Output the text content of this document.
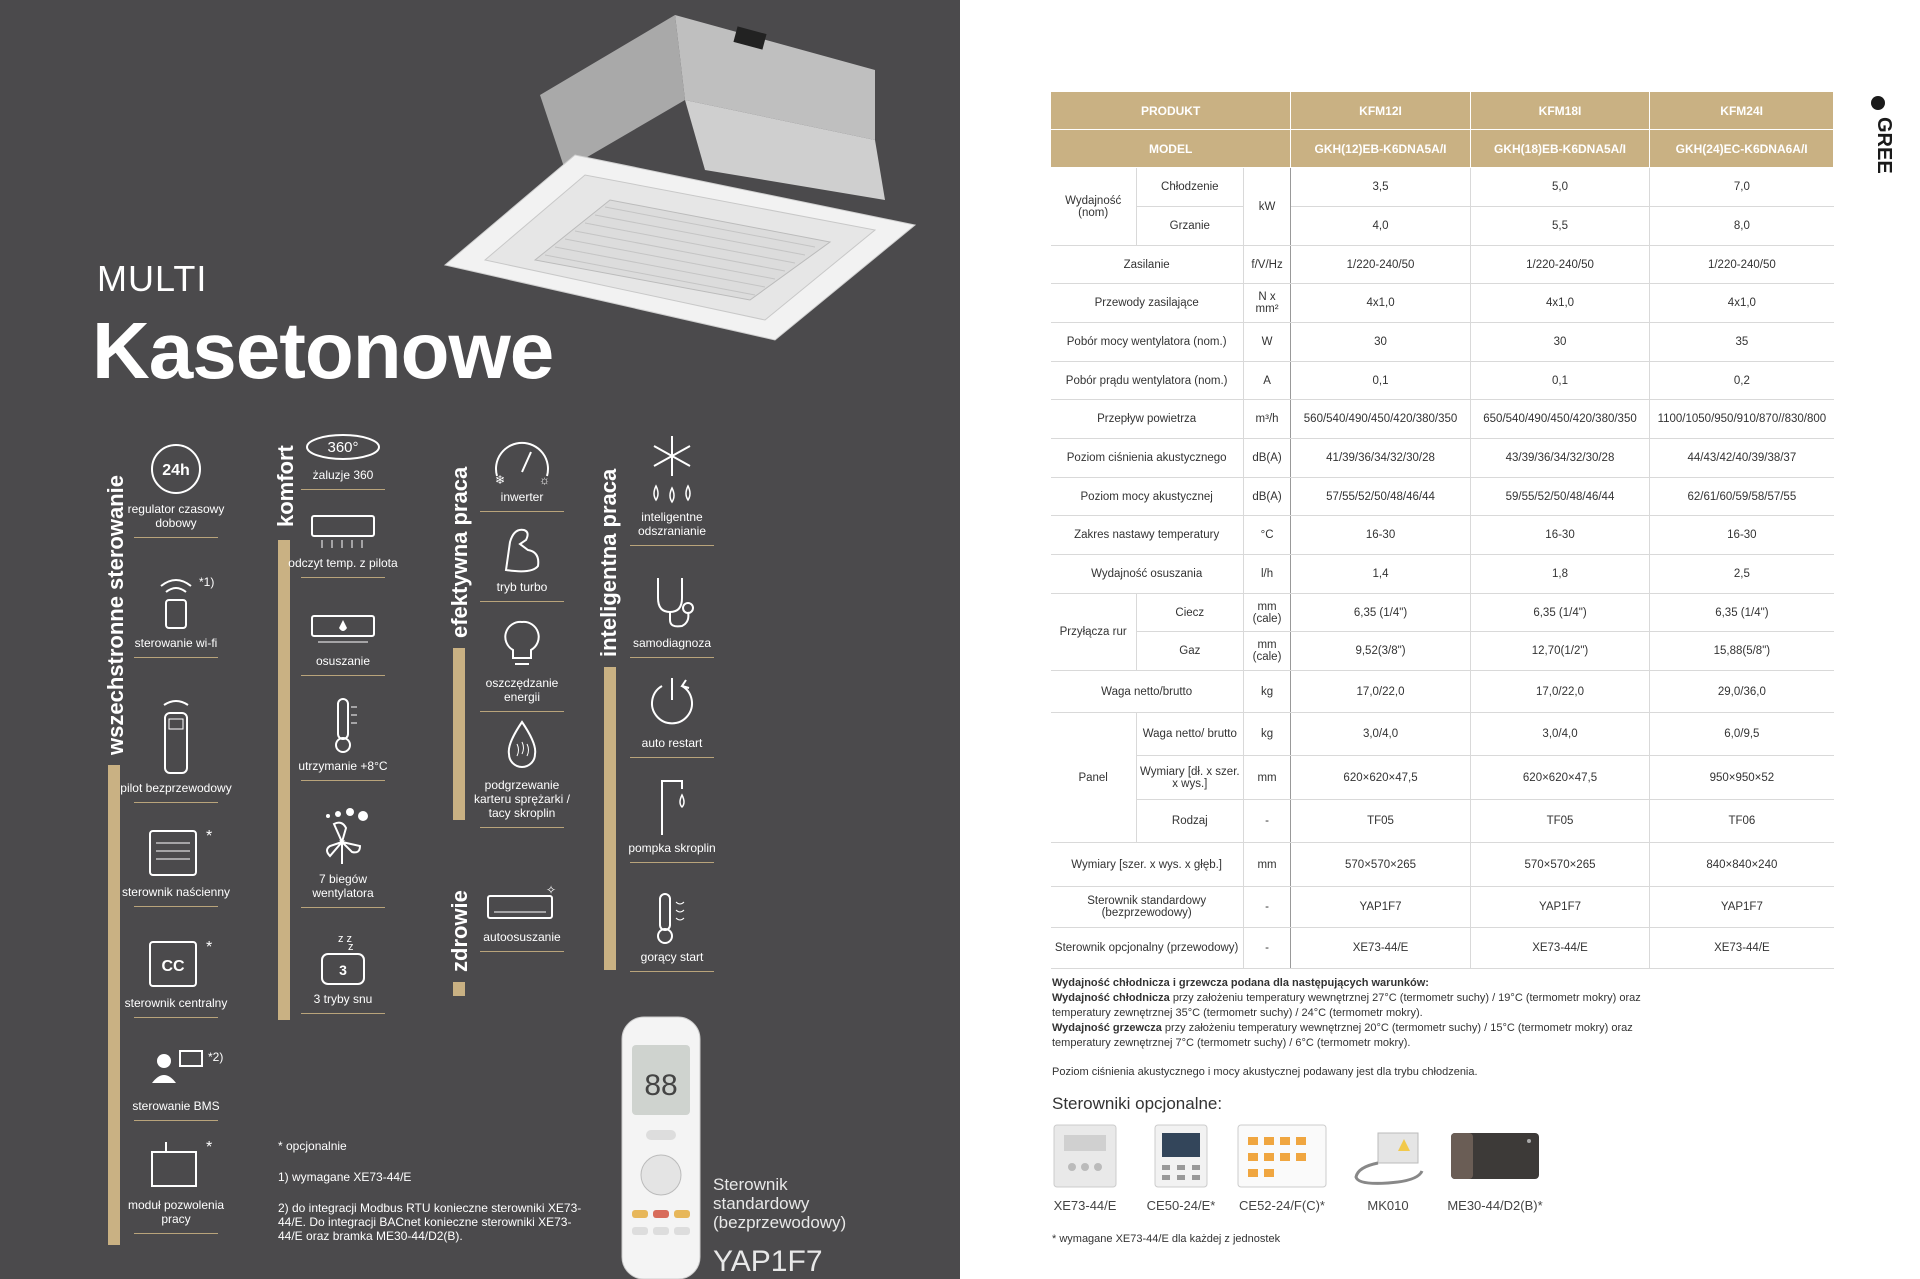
MULTI
Kasetonowe
wszechstronne sterowanie
24h
regulator czasowy dobowy
*1)
sterowanie wi-fi
pilot bezprzewodowy
*
sterownik naścienny
CC
*
sterownik centralny
*2)
sterowanie BMS
*
moduł pozwolenia pracy
komfort 360°
żaluzje 360
odczyt temp. z pilota
osuszanie
utrzymanie +8°C
7 biegów wentylatora
z z
z
3
3 tryby snu
efektywna praca
zdrowie
❄	☼
inwerter
tryb turbo
oszczędzanie energii
podgrzewanie karteru sprężarki / tacy skroplin
✧
autoosuszanie
inteligentna praca	inteligentne odszranianie
samodiagnoza
auto restart
pompka skroplin
gorący start
* opcjonalnie
1) wymagane XE73-44/E
2) do integracji Modbus RTU konieczne sterowniki XE73-44/E. Do integracji BACnet konieczne sterowniki XE73-44/E oraz bramka ME30-44/D2(B).
88
Sterownik standardowy (bezprzewodowy)
YAP1F7
GREE
PRODUKT			KFM12I	KFM18I	KFM24I
MODEL			GKH(12)EB-K6DNA5A/I	GKH(18)EB-K6DNA5A/I	GKH(24)EC-K6DNA6A/I
Wydajność (nom)	Chłodzenie	kW	3,5	5,0	7,0
	Grzanie		4,0	5,5	8,0
Zasilanie		f/V/Hz	1/220-240/50	1/220-240/50	1/220-240/50
Przewody zasilające		N x mm²	4x1,0	4x1,0	4x1,0
Pobór mocy wentylatora (nom.)		W	30	30	35
Pobór prądu wentylatora (nom.)		A	0,1	0,1	0,2
Przepływ powietrza		m³/h	560/540/490/450/420/380/350	650/540/490/450/420/380/350	1100/1050/950/910/870//830/800
Poziom ciśnienia akustycznego		dB(A)	41/39/36/34/32/30/28	43/39/36/34/32/30/28	44/43/42/40/39/38/37
Poziom mocy akustycznej		dB(A)	57/55/52/50/48/46/44	59/55/52/50/48/46/44	62/61/60/59/58/57/55
Zakres nastawy temperatury		°C	16-30	16-30	16-30
Wydajność osuszania		l/h	1,4	1,8	2,5
Przyłącza rur	Ciecz	mm (cale)	6,35 (1/4")	6,35 (1/4")	6,35 (1/4")
	Gaz	mm (cale)	9,52(3/8")	12,70(1/2")	15,88(5/8")
Waga netto/brutto		kg	17,0/22,0	17,0/22,0	29,0/36,0
Panel	Waga netto/ brutto	kg	3,0/4,0	3,0/4,0	6,0/9,5
	Wymiary [dł. x szer. x wys.]	mm	620×620×47,5	620×620×47,5	950×950×52
	Rodzaj	-	TF05	TF05	TF06
Wymiary [szer. x wys. x głęb.]		mm	570×570×265	570×570×265	840×840×240
Sterownik standardowy (bezprzewodowy)		-	YAP1F7	YAP1F7	YAP1F7
Sterownik opcjonalny (przewodowy)		-	XE73-44/E	XE73-44/E	XE73-44/E
Wydajność chłodnicza i grzewcza podana dla następujących warunków:
Wydajność chłodnicza przy założeniu temperatury wewnętrznej 27°C (termometr suchy) / 19°C (termometr mokry) oraz temperatury zewnętrznej 35°C (termometr suchy) / 24°C (termometr mokry).
Wydajność grzewcza przy założeniu temperatury wewnętrznej 20°C (termometr suchy) / 15°C (termometr mokry) oraz temperatury zewnętrznej 7°C (termometr suchy) / 6°C (termometr mokry).
Poziom ciśnienia akustycznego i mocy akustycznej podawany jest dla trybu chłodzenia.
Sterowniki opcjonalne:
XE73-44/E	CE50-24/E*	CE52-24/F(C)*	MK010	ME30-44/D2(B)*
* wymagane XE73-44/E dla każdej z jednostek
